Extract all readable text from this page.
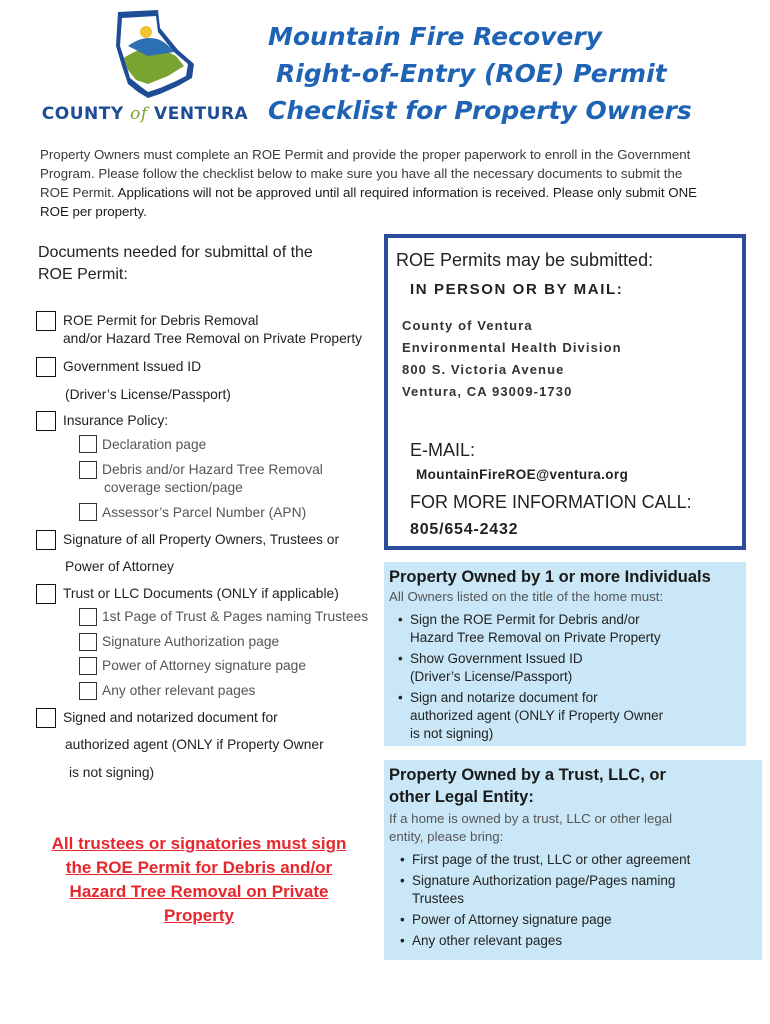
COUNTY of VENTURA
Mountain Fire Recovery
Right-of-Entry (ROE) Permit
Checklist for Property Owners
Property Owners must complete an ROE Permit and provide the proper paperwork to enroll in the Government Program. Please follow the checklist below to make sure you have all the necessary documents to submit the ROE Permit. Applications will not be approved until all required information is received. Please only submit ONE ROE per property.
Documents needed for submittal of the
ROE Permit:
ROE Permit for Debris Removal
and/or Hazard Tree Removal on Private Property
Government Issued ID
(Driver’s License/Passport)
Insurance Policy:
Declaration page
Debris and/or Hazard Tree Removal
coverage section/page
Assessor’s Parcel Number (APN)
Signature of all Property Owners, Trustees or
Power of Attorney
Trust or LLC Documents (ONLY if applicable)
1st Page of Trust & Pages naming Trustees
Signature Authorization page
Power of Attorney signature page
Any other relevant pages
Signed and notarized document for
authorized agent (ONLY if Property Owner
is not signing)
All trustees or signatories must sign
the ROE Permit for Debris and/or
Hazard Tree Removal on Private
Property
ROE Permits may be submitted:
IN PERSON OR BY MAIL:
County of Ventura
Environmental Health Division
800 S. Victoria Avenue
Ventura, CA 93009-1730
E-MAIL:
MountainFireROE@ventura.org
FOR MORE INFORMATION CALL:
805/654-2432
Property Owned by 1 or more Individuals
All Owners listed on the title of the home must:
• Sign the ROE Permit for Debris and/or
Hazard Tree Removal on Private Property
• Show Government Issued ID
(Driver’s License/Passport)
• Sign and notarize document for
authorized agent (ONLY if Property Owner
is not signing)
Property Owned by a Trust, LLC, or
other Legal Entity:
If a home is owned by a trust, LLC or other legal
entity, please bring:
• First page of the trust, LLC or other agreement
• Signature Authorization page/Pages naming
Trustees
• Power of Attorney signature page
• Any other relevant pages
